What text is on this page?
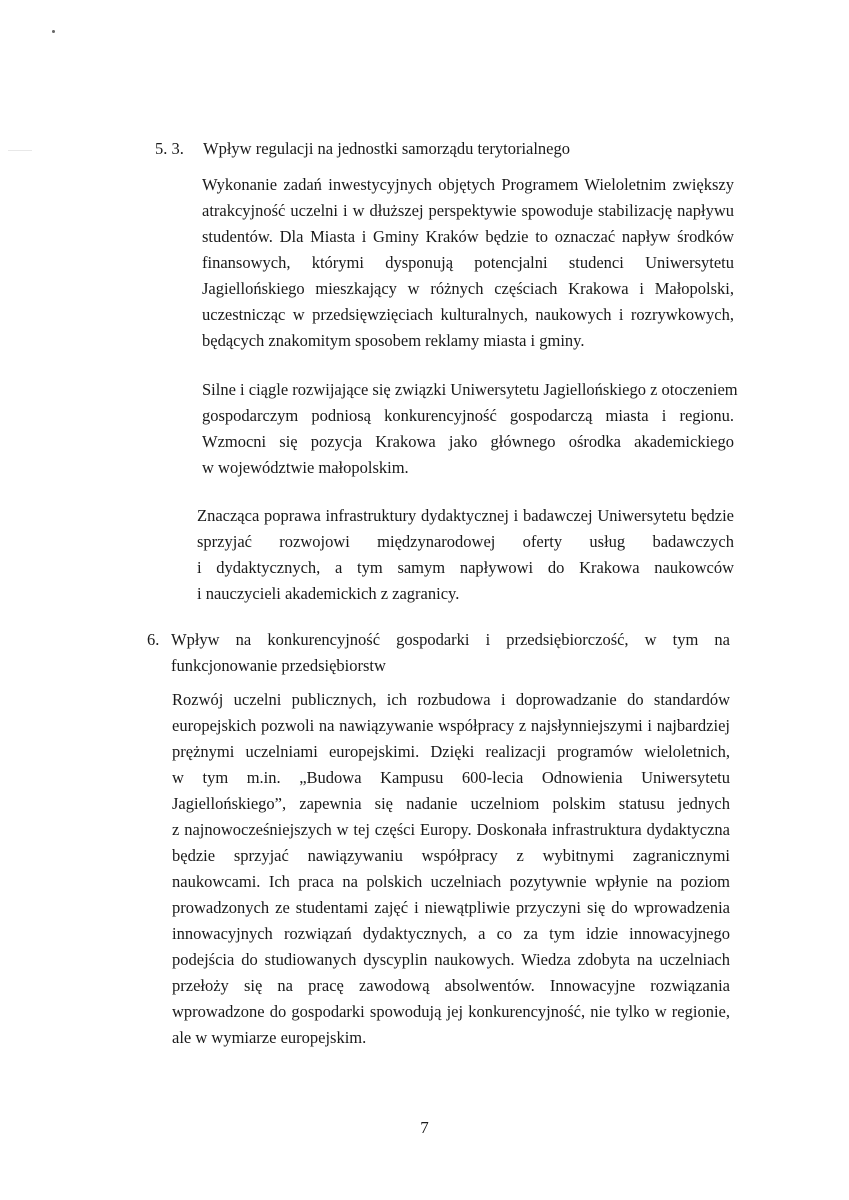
5. 3. Wpływ regulacji na jednostki samorządu terytorialnego
Wykonanie zadań inwestycyjnych objętych Programem Wieloletnim zwiększy
atrakcyjność uczelni i w dłuższej perspektywie spowoduje stabilizację napływu
studentów. Dla Miasta i Gminy Kraków będzie to oznaczać napływ środków
finansowych, którymi dysponują potencjalni studenci Uniwersytetu
Jagiellońskiego mieszkający w różnych częściach Krakowa i Małopolski,
uczestnicząc w przedsięwzięciach kulturalnych, naukowych i rozrywkowych,
będących znakomitym sposobem reklamy miasta i gminy.
Silne i ciągle rozwijające się związki Uniwersytetu Jagiellońskiego z otoczeniem
gospodarczym podniosą konkurencyjność gospodarczą miasta i regionu.
Wzmocni się pozycja Krakowa jako głównego ośrodka akademickiego
w województwie małopolskim.
Znacząca poprawa infrastruktury dydaktycznej i badawczej Uniwersytetu będzie
sprzyjać rozwojowi międzynarodowej oferty usług badawczych
i dydaktycznych, a tym samym napływowi do Krakowa naukowców
i nauczycieli akademickich z zagranicy.
6. Wpływ na konkurencyjność gospodarki i przedsiębiorczość, w tym na
funkcjonowanie przedsiębiorstw
Rozwój uczelni publicznych, ich rozbudowa i doprowadzanie do standardów
europejskich pozwoli na nawiązywanie współpracy z najsłynniejszymi i najbardziej
prężnymi uczelniami europejskimi. Dzięki realizacji programów wieloletnich,
w tym m.in. „Budowa Kampusu 600-lecia Odnowienia Uniwersytetu
Jagiellońskiego”, zapewnia się nadanie uczelniom polskim statusu jednych
z najnowocześniejszych w tej części Europy. Doskonała infrastruktura dydaktyczna
będzie sprzyjać nawiązywaniu współpracy z wybitnymi zagranicznymi
naukowcami. Ich praca na polskich uczelniach pozytywnie wpłynie na poziom
prowadzonych ze studentami zajęć i niewątpliwie przyczyni się do wprowadzenia
innowacyjnych rozwiązań dydaktycznych, a co za tym idzie innowacyjnego
podejścia do studiowanych dyscyplin naukowych. Wiedza zdobyta na uczelniach
przełoży się na pracę zawodową absolwentów. Innowacyjne rozwiązania
wprowadzone do gospodarki spowodują jej konkurencyjność, nie tylko w regionie,
ale w wymiarze europejskim.
7
